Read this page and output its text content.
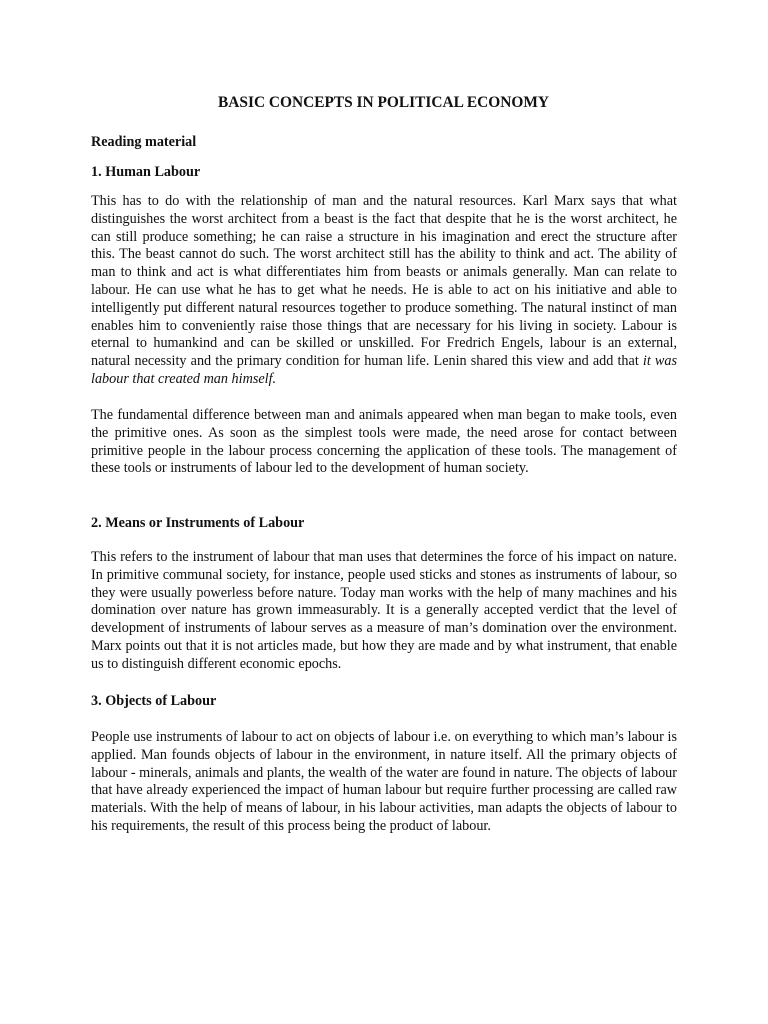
BASIC CONCEPTS IN POLITICAL ECONOMY
Reading material
1. Human Labour

This has to do with the relationship of man and the natural resources. Karl Marx says that what distinguishes the worst architect from a beast is the fact that despite that he is the worst architect, he can still produce something; he can raise a structure in his imagination and erect the structure after this. The beast cannot do such. The worst architect still has the ability to think and act. The ability of man to think and act is what differentiates him from beasts or animals generally. Man can relate to labour. He can use what he has to get what he needs. He is able to act on his initiative and able to intelligently put different natural resources together to produce something. The natural instinct of man enables him to conveniently raise those things that are necessary for his living in society. Labour is eternal to humankind and can be skilled or unskilled. For Fredrich Engels, labour is an external, natural necessity and the primary condition for human life. Lenin shared this view and add that it was labour that created man himself.

The fundamental difference between man and animals appeared when man began to make tools, even the primitive ones. As soon as the simplest tools were made, the need arose for contact between primitive people in the labour process concerning the application of these tools. The management of these tools or instruments of labour led to the development of human society.

2. Means or Instruments of Labour

This refers to the instrument of labour that man uses that determines the force of his impact on nature. In primitive communal society, for instance, people used sticks and stones as instruments of labour, so they were usually powerless before nature. Today man works with the help of many machines and his domination over nature has grown immeasurably. It is a generally accepted verdict that the level of development of instruments of labour serves as a measure of man’s domination over the environment. Marx points out that it is not articles made, but how they are made and by what instrument, that enable us to distinguish different economic epochs.

3. Objects of Labour

People use instruments of labour to act on objects of labour i.e. on everything to which man’s labour is applied. Man founds objects of labour in the environment, in nature itself. All the primary objects of labour - minerals, animals and plants, the wealth of the water are found in nature. The objects of labour that have already experienced the impact of human labour but require further processing are called raw materials. With the help of means of labour, in his labour activities, man adapts the objects of labour to his requirements, the result of this process being the product of labour.
